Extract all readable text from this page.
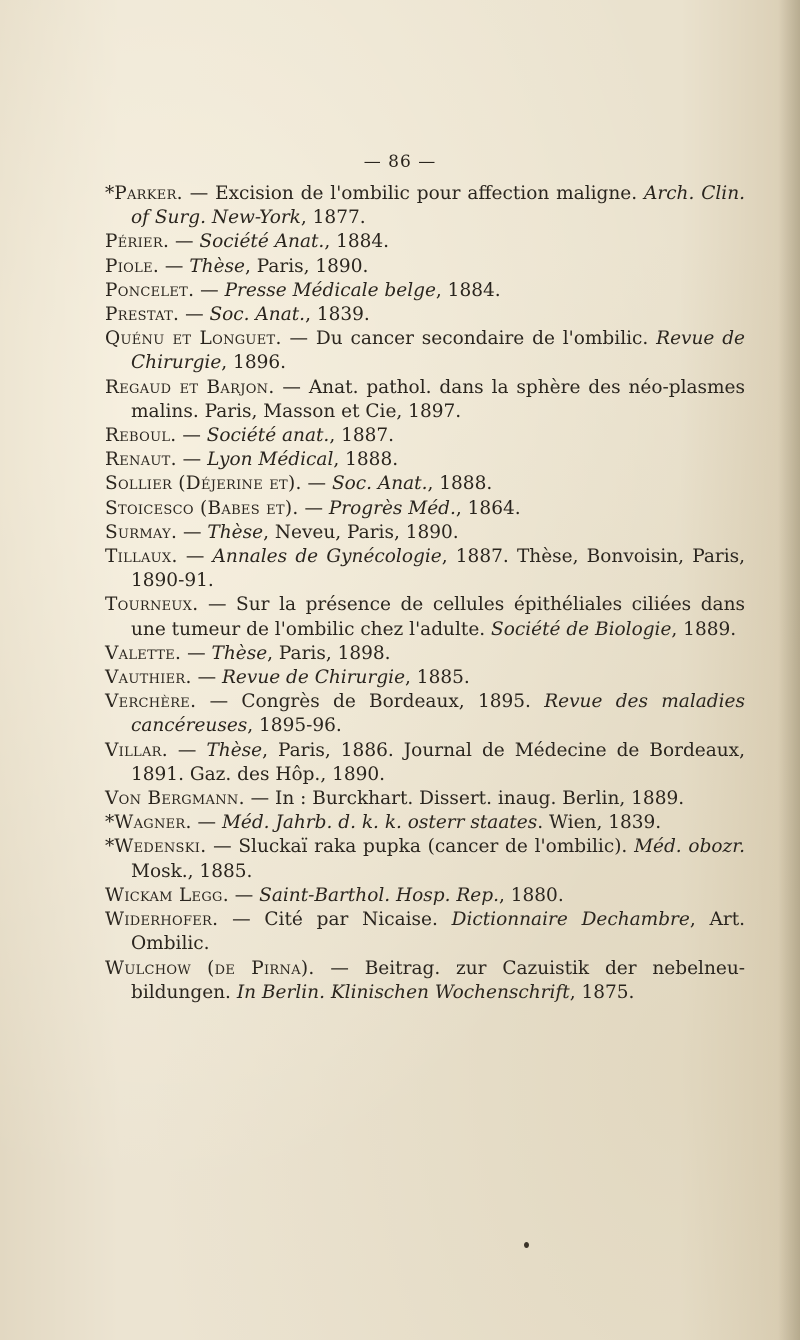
— 86 —
*Parker. — Excision de l'ombilic pour affection maligne. Arch. Clin. of Surg. New-York, 1877.
Périer. — Société Anat., 1884.
Piole. — Thèse, Paris, 1890.
Poncelet. — Presse Médicale belge, 1884.
Prestat. — Soc. Anat., 1839.
Quénu et Longuet. — Du cancer secondaire de l'ombilic. Revue de Chirurgie, 1896.
Regaud et Barjon. — Anat. pathol. dans la sphère des néo-plasmes malins. Paris, Masson et Cie, 1897.
Reboul. — Société anat., 1887.
Renaut. — Lyon Médical, 1888.
Sollier (Déjerine et). — Soc. Anat., 1888.
Stoicesco (Babes et). — Progrès Méd., 1864.
Surmay. — Thèse, Neveu, Paris, 1890.
Tillaux. — Annales de Gynécologie, 1887. Thèse, Bonvoisin, Paris, 1890-91.
Tourneux. — Sur la présence de cellules épithéliales ciliées dans une tumeur de l'ombilic chez l'adulte. Société de Biologie, 1889.
Valette. — Thèse, Paris, 1898.
Vauthier. — Revue de Chirurgie, 1885.
Verchère. — Congrès de Bordeaux, 1895. Revue des maladies cancéreuses, 1895-96.
Villar. — Thèse, Paris, 1886. Journal de Médecine de Bordeaux, 1891. Gaz. des Hôp., 1890.
Von Bergmann. — In : Burckhart. Dissert. inaug. Berlin, 1889.
*Wagner. — Méd. Jahrb. d. k. k. osterr staates. Wien, 1839.
*Wedenski. — Sluckaï raka pupka (cancer de l'ombilic). Méd. obozr. Mosk., 1885.
Wickam Legg. — Saint-Barthol. Hosp. Rep., 1880.
Widerhofer. — Cité par Nicaise. Dictionnaire Dechambre, Art. Ombilic.
Wulchow (de Pirna). — Beitrag. zur Cazuistik der nebelneu-bildungen. In Berlin. Klinischen Wochenschrift, 1875.
